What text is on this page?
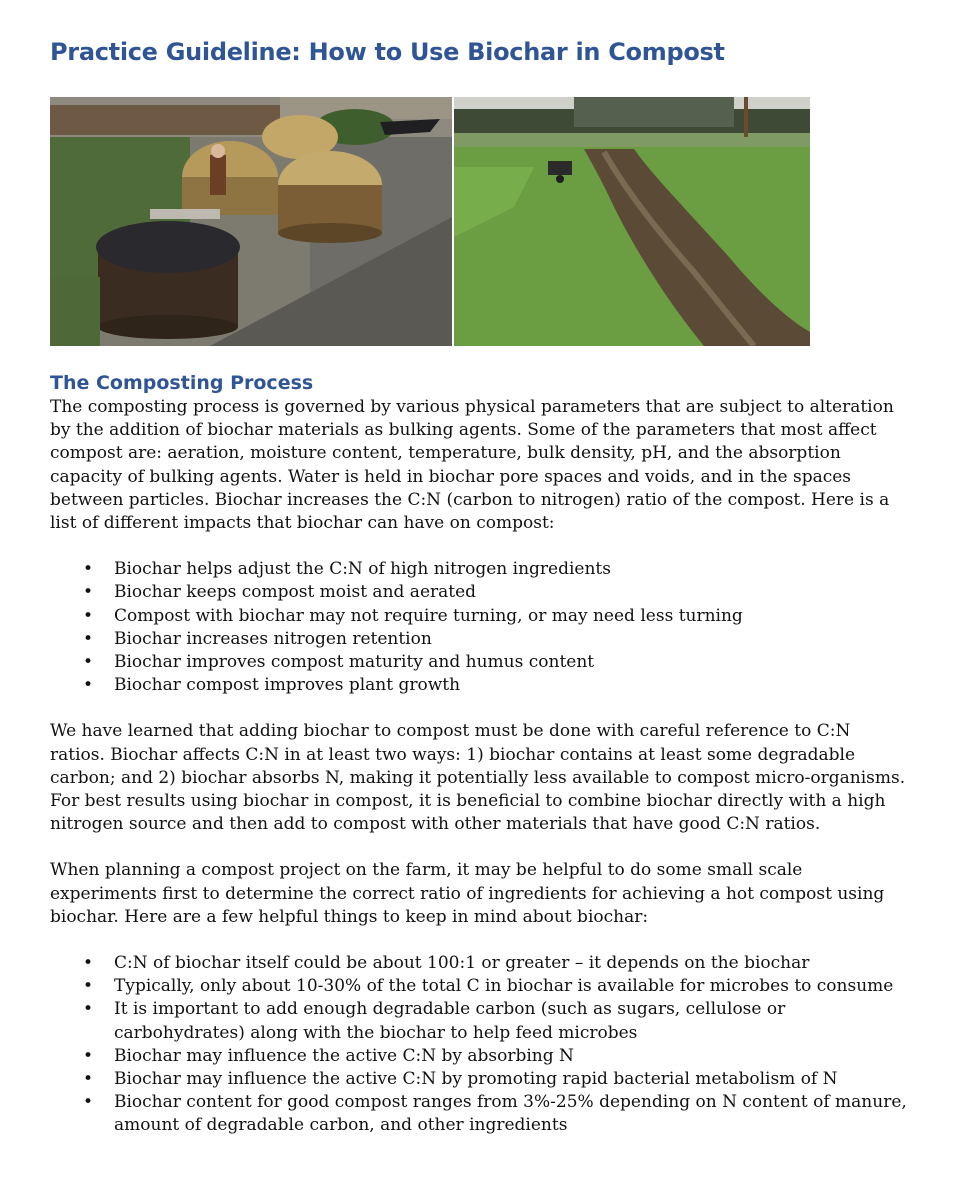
Practice Guideline: How to Use Biochar in Compost
The Composting Process

The composting process is governed by various physical parameters that are subject to alteration by the addition of biochar materials as bulking agents. Some of the parameters that most affect compost are: aeration, moisture content, temperature, bulk density, pH, and the absorption capacity of bulking agents. Water is held in biochar pore spaces and voids, and in the spaces between particles. Biochar increases the C:N (carbon to nitrogen) ratio of the compost. Here is a list of different impacts that biochar can have on compost:

• Biochar helps adjust the C:N of high nitrogen ingredients
• Biochar keeps compost moist and aerated
• Compost with biochar may not require turning, or may need less turning
• Biochar increases nitrogen retention
• Biochar improves compost maturity and humus content
• Biochar compost improves plant growth

We have learned that adding biochar to compost must be done with careful reference to C:N ratios. Biochar affects C:N in at least two ways: 1) biochar contains at least some degradable carbon; and 2) biochar absorbs N, making it potentially less available to compost micro-organisms. For best results using biochar in compost, it is beneficial to combine biochar directly with a high nitrogen source and then add to compost with other materials that have good C:N ratios.

When planning a compost project on the farm, it may be helpful to do some small scale experiments first to determine the correct ratio of ingredients for achieving a hot compost using biochar. Here are a few helpful things to keep in mind about biochar:

• C:N of biochar itself could be about 100:1 or greater – it depends on the biochar
• Typically, only about 10-30% of the total C in biochar is available for microbes to consume
• It is important to add enough degradable carbon (such as sugars, cellulose or carbohydrates) along with the biochar to help feed microbes
• Biochar may influence the active C:N by absorbing N
• Biochar may influence the active C:N by promoting rapid bacterial metabolism of N
• Biochar content for good compost ranges from 3%-25% depending on N content of manure, amount of degradable carbon, and other ingredients
